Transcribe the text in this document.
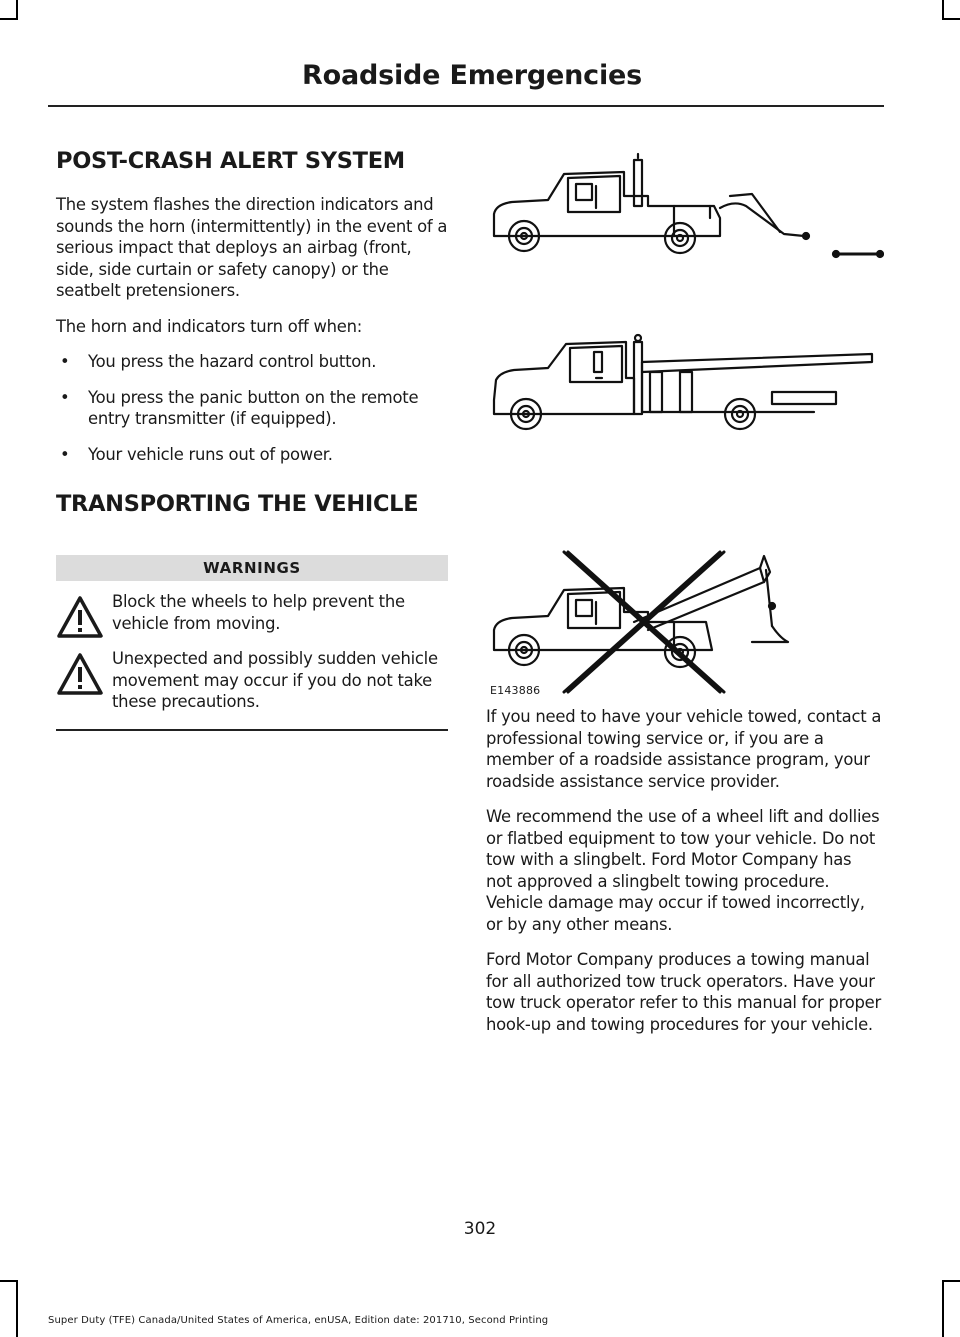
Roadside Emergencies
POST-CRASH ALERT SYSTEM

The system flashes the direction indicators and sounds the horn (intermittently) in the event of a serious impact that deploys an airbag (front, side, side curtain or safety canopy) or the seatbelt pretensioners.

The horn and indicators turn off when:

• You press the hazard control button.
• You press the panic button on the remote entry transmitter (if equipped).
• Your vehicle runs out of power.
TRANSPORTING THE VEHICLE
WARNINGS

Block the wheels to help prevent the vehicle from moving.

Unexpected and possibly sudden vehicle movement may occur if you do not take these precautions.

E143886

If you need to have your vehicle towed, contact a professional towing service or, if you are a member of a roadside assistance program, your roadside assistance service provider.

We recommend the use of a wheel lift and dollies or flatbed equipment to tow your vehicle. Do not tow with a slingbelt. Ford Motor Company has not approved a slingbelt towing procedure. Vehicle damage may occur if towed incorrectly, or by any other means.

Ford Motor Company produces a towing manual for all authorized tow truck operators. Have your tow truck operator refer to this manual for proper hook-up and towing procedures for your vehicle.

302
Super Duty (TFE) Canada/United States of America, enUSA, Edition date: 201710, Second Printing
